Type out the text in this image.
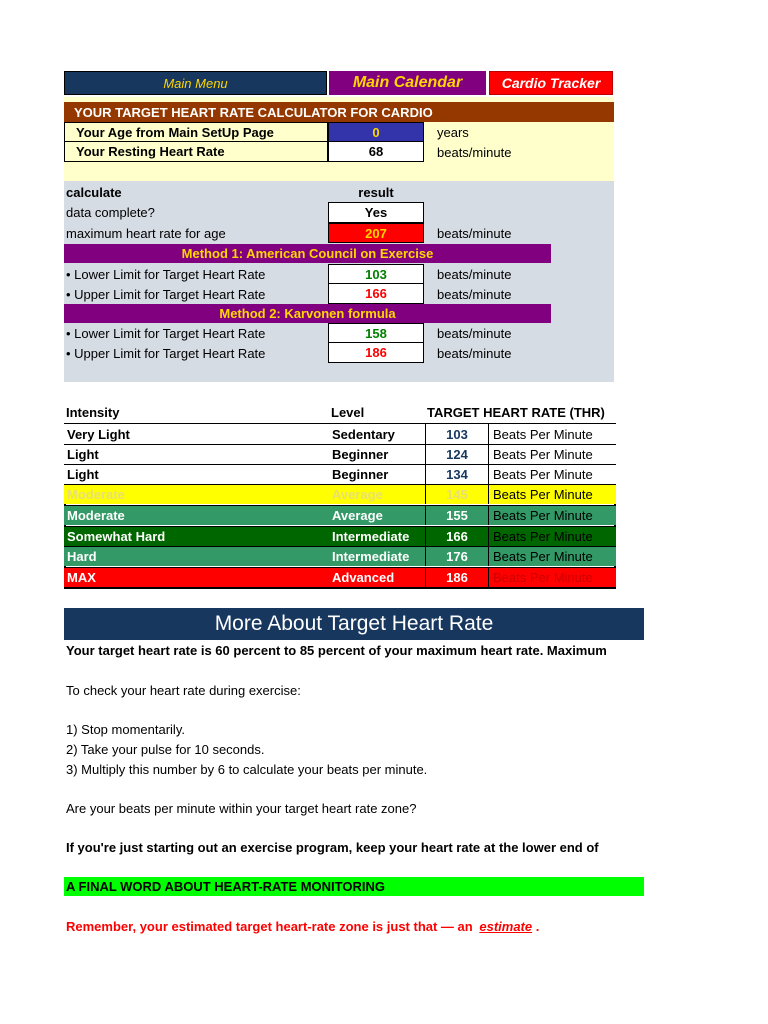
Main Menu	Main Calendar	Cardio Tracker
YOUR TARGET HEART RATE CALCULATOR FOR CARDIO
Your Age from Main SetUp Page	0	years
Your Resting Heart Rate	68	beats/minute
calculate	result
data complete?	Yes
maximum heart rate for age	207	beats/minute
Method 1: American Council on Exercise
• Lower Limit for Target Heart Rate	103	beats/minute
• Upper Limit for Target Heart Rate	166	beats/minute
Method 2: Karvonen formula
• Lower Limit for Target Heart Rate	158	beats/minute
• Upper Limit for Target Heart Rate	186	beats/minute
Intensity	Level	TARGET HEART RATE (THR)
Very Light	Sedentary	103	Beats Per Minute
Light	Beginner	124	Beats Per Minute
Light	Beginner	134	Beats Per Minute
Moderate	Average	145	Beats Per Minute
Moderate	Average	155	Beats Per Minute
Somewhat Hard	Intermediate	166	Beats Per Minute
Hard	Intermediate	176	Beats Per Minute
MAX	Advanced	186	Beats Per Minute
More About Target Heart Rate
Your target heart rate is 60 percent to 85 percent of your maximum heart rate. Maximum
To check your heart rate during exercise:
1) Stop momentarily.
2) Take your pulse for 10 seconds.
3) Multiply this number by 6 to calculate your beats per minute.
Are your beats per minute within your target heart rate zone?
If you're just starting out an exercise program, keep your heart rate at the lower end of
A FINAL WORD ABOUT HEART-RATE MONITORING
Remember, your estimated target heart-rate zone is just that — an estimate .
